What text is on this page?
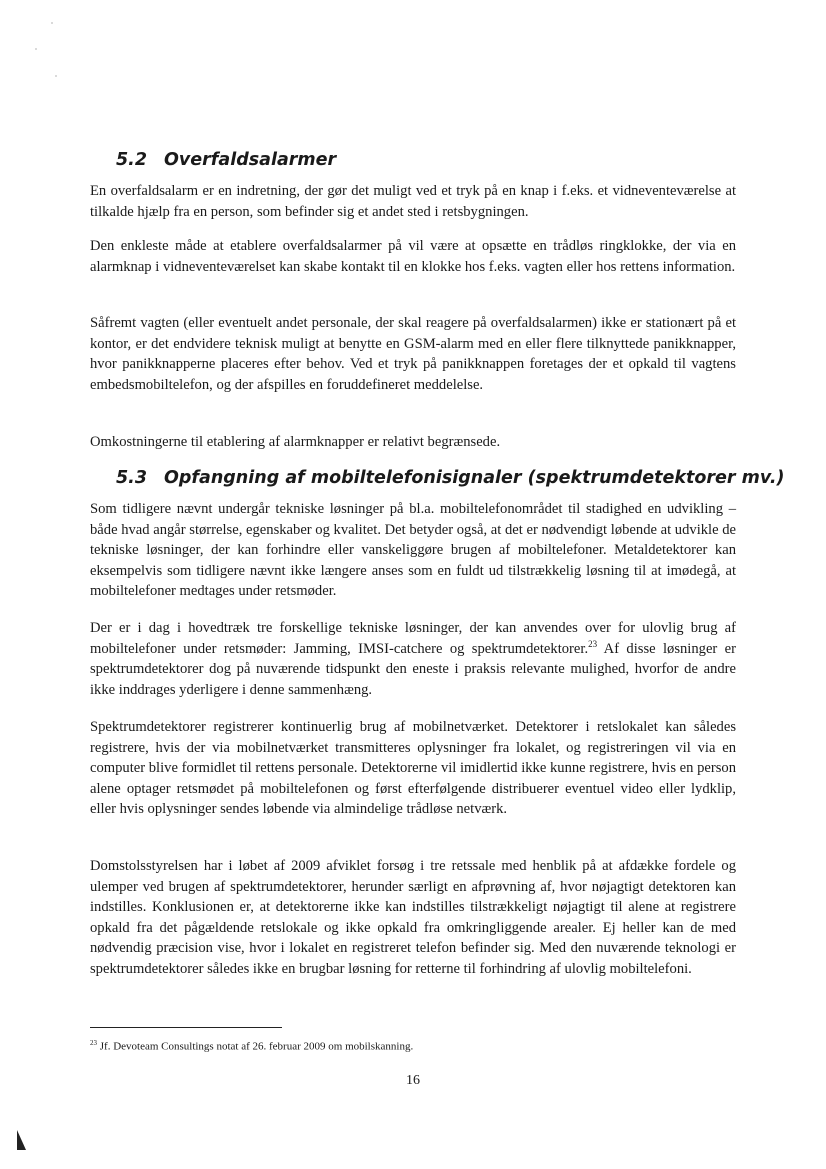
5.2 Overfaldsalarmer

En overfaldsalarm er en indretning, der gør det muligt ved et tryk på en knap i f.eks. et vidneventeværelse at tilkalde hjælp fra en person, som befinder sig et andet sted i retsbygningen.

Den enkleste måde at etablere overfaldsalarmer på vil være at opsætte en trådløs ringklokke, der via en alarmknap i vidneventeværelset kan skabe kontakt til en klokke hos f.eks. vagten eller hos rettens information.

Såfremt vagten (eller eventuelt andet personale, der skal reagere på overfaldsalarmen) ikke er stationært på et kontor, er det endvidere teknisk muligt at benytte en GSM-alarm med en eller flere tilknyttede panikknapper, hvor panikknapperne placeres efter behov. Ved et tryk på panikknappen foretages der et opkald til vagtens embedsmobiltelefon, og der afspilles en foruddefineret meddelelse.

Omkostningerne til etablering af alarmknapper er relativt begrænsede.

5.3 Opfangning af mobiltelefonisignaler (spektrumdetektorer mv.)

Som tidligere nævnt undergår tekniske løsninger på bl.a. mobiltelefonområdet til stadighed en udvikling – både hvad angår størrelse, egenskaber og kvalitet. Det betyder også, at det er nødvendigt løbende at udvikle de tekniske løsninger, der kan forhindre eller vanskeliggøre brugen af mobiltelefoner. Metaldetektorer kan eksempelvis som tidligere nævnt ikke længere anses som en fuldt ud tilstrækkelig løsning til at imødegå, at mobiltelefoner medtages under retsmøder.

Der er i dag i hovedtræk tre forskellige tekniske løsninger, der kan anvendes over for ulovlig brug af mobiltelefoner under retsmøder: Jamming, IMSI-catchere og spektrumdetektorer.$^{23}$ Af disse løsninger er spektrumdetektorer dog på nuværende tidspunkt den eneste i praksis relevante mulighed, hvorfor de andre ikke inddrages yderligere i denne sammenhæng.

Spektrumdetektorer registrerer kontinuerlig brug af mobilnetværket. Detektorer i retslokalet kan således registrere, hvis der via mobilnetværket transmitteres oplysninger fra lokalet, og registreringen vil via en computer blive formidlet til rettens personale. Detektorerne vil imidlertid ikke kunne registrere, hvis en person alene optager retsmødet på mobiltelefonen og først efterfølgende distribuerer eventuel video eller lydklip, eller hvis oplysninger sendes løbende via almindelige trådløse netværk.

Domstolsstyrelsen har i løbet af 2009 afviklet forsøg i tre retssale med henblik på at afdække fordele og ulemper ved brugen af spektrumdetektorer, herunder særligt en afprøvning af, hvor nøjagtigt detektoren kan indstilles. Konklusionen er, at detektorerne ikke kan indstilles tilstrækkeligt nøjagtigt til alene at registrere opkald fra det pågældende retslokale og ikke opkald fra omkringliggende arealer. Ej heller kan de med nødvendig præcision vise, hvor i lokalet en registreret telefon befinder sig. Med den nuværende teknologi er spektrumdetektorer således ikke en brugbar løsning for retterne til forhindring af ulovlig mobiltelefoni.

$^{23}$ Jf. Devoteam Consultings notat af 26. februar 2009 om mobilskanning.

16
